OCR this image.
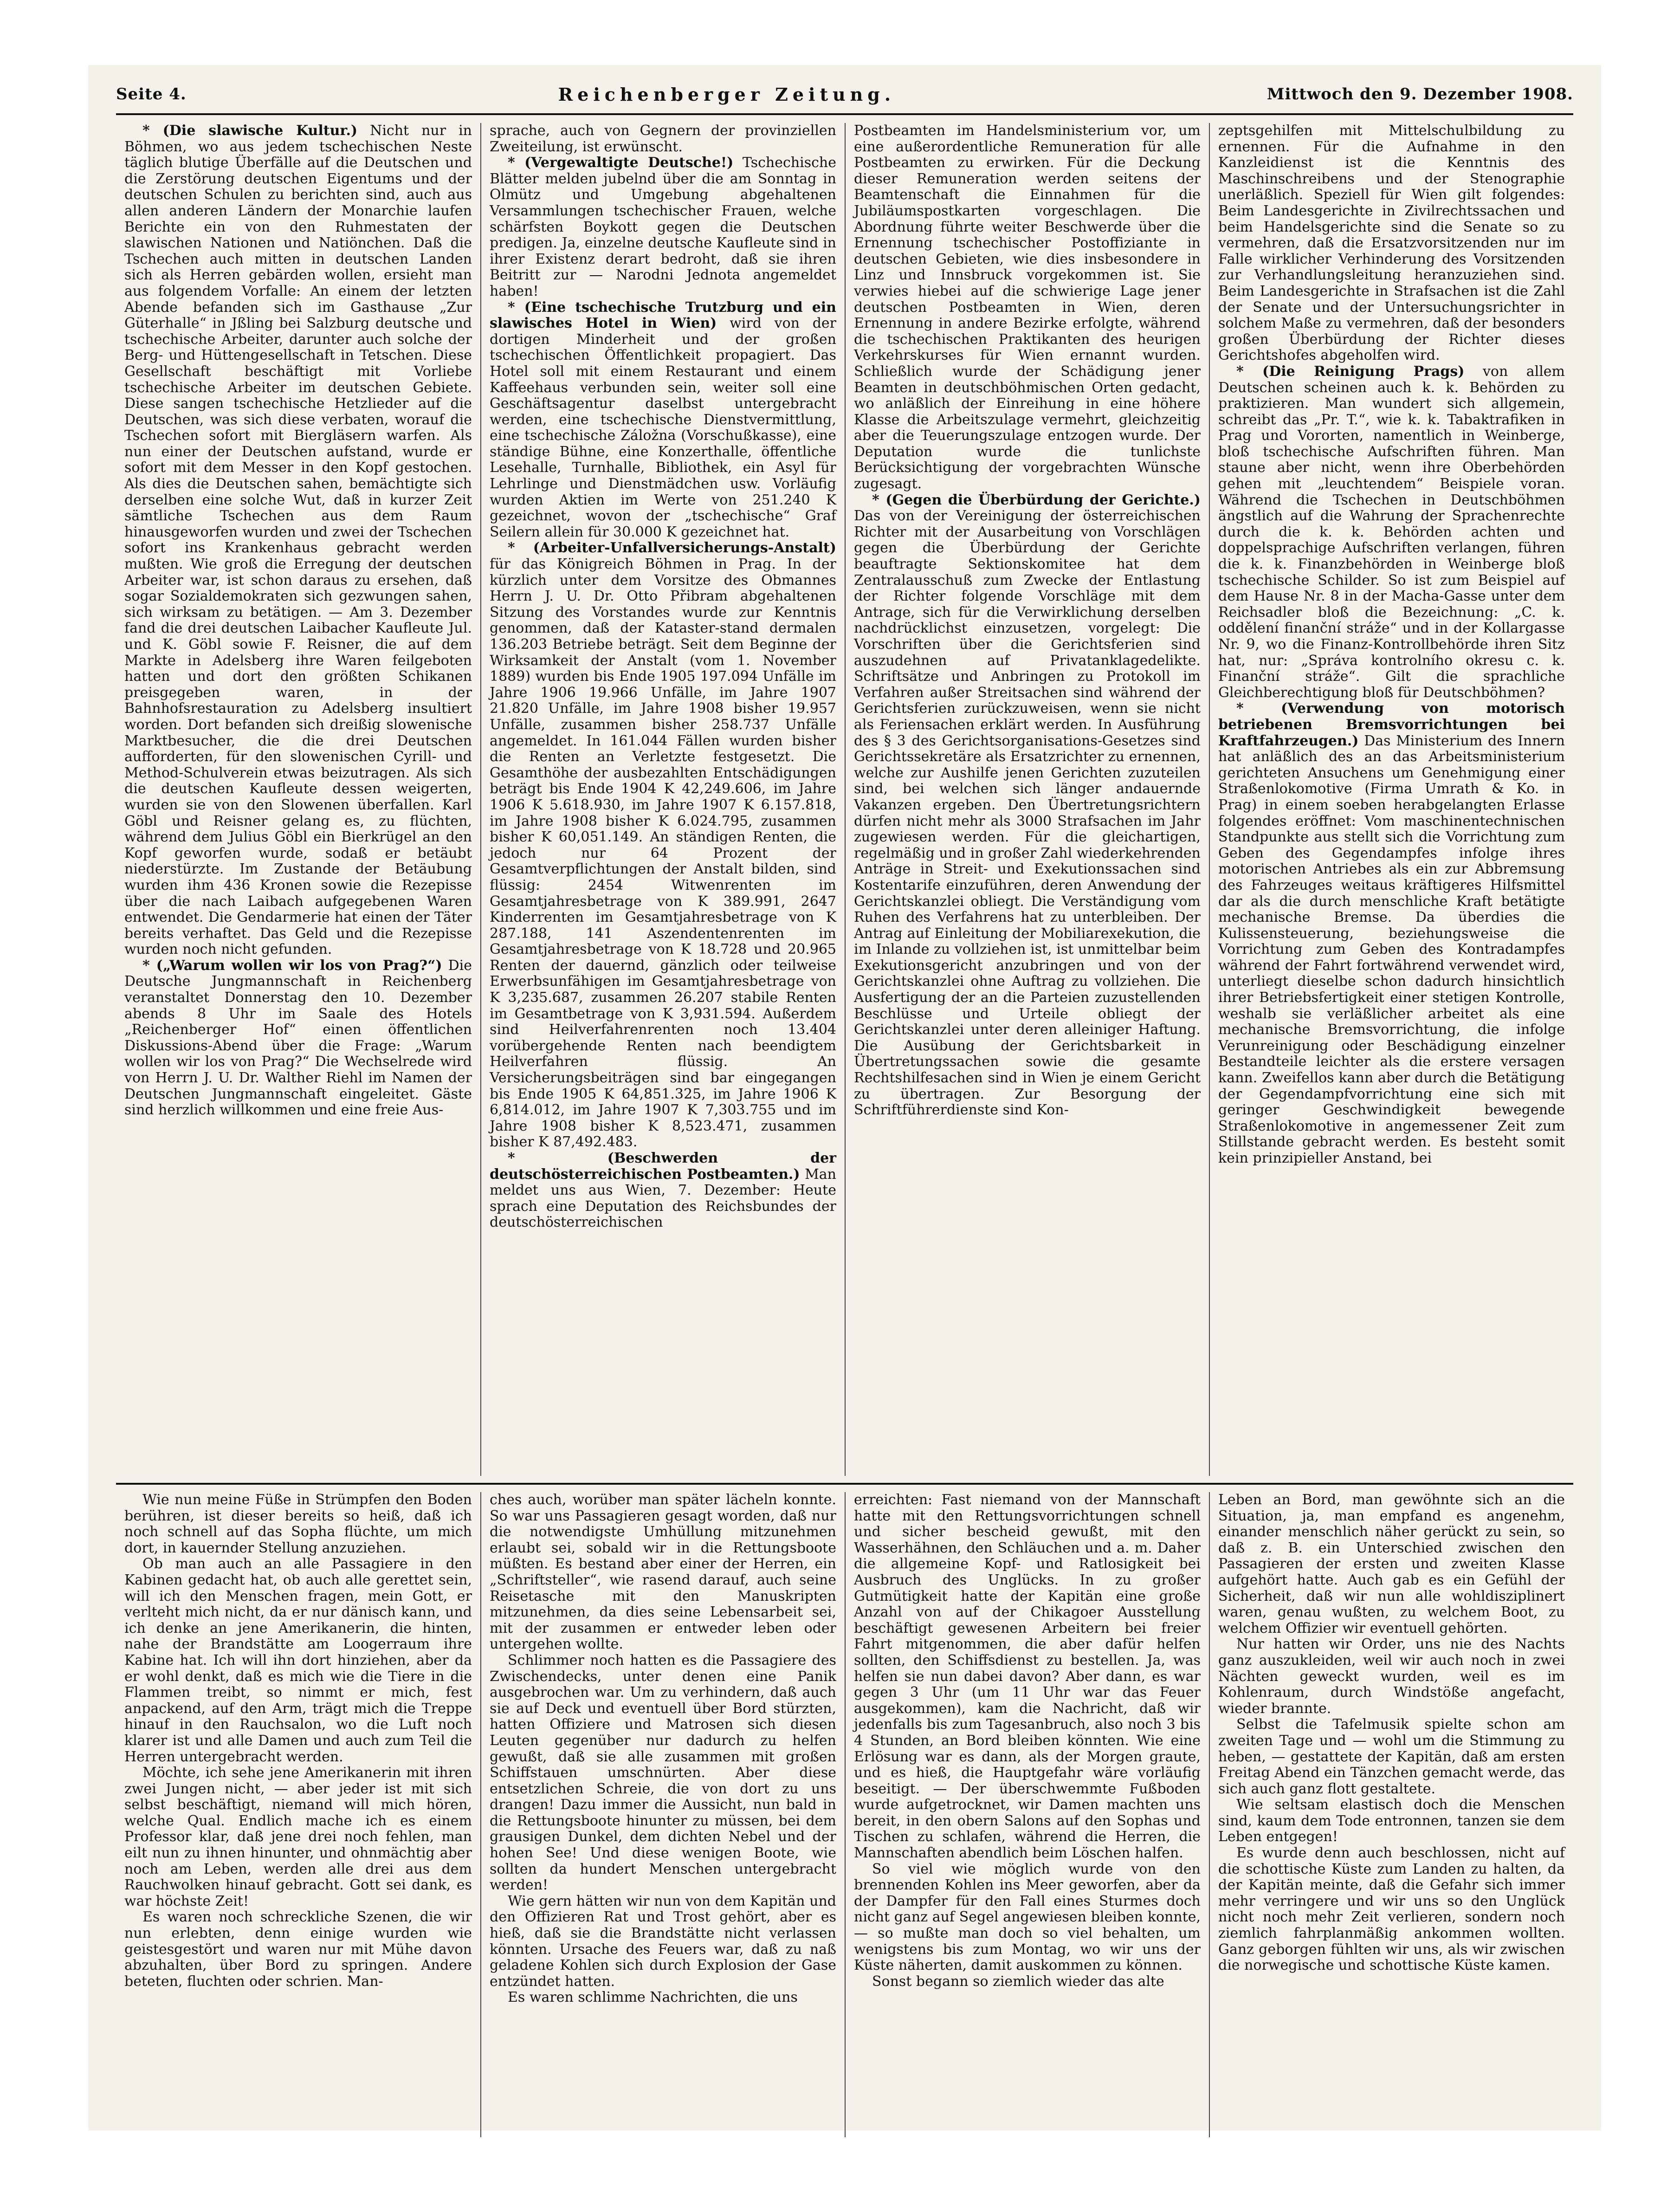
Seite 4.	Reichenberger Zeitung.	Mittwoch den 9. Dezember 1908.

* (Die slawische Kultur.) Nicht nur in Böhmen, wo aus jedem tschechischen Neste täglich blutige Überfälle auf die Deutschen und die Zerstörung deutschen Eigentums und der deutschen Schulen zu berichten sind, auch aus allen anderen Ländern der Monarchie laufen Berichte ein von den Ruhmestaten der slawischen Nationen und Natiönchen. Daß die Tschechen auch mitten in deutschen Landen sich als Herren gebärden wollen, ersieht man aus folgendem Vorfalle: An einem der letzten Abende befanden sich im Gasthause „Zur Güterhalle“ in Jßling bei Salzburg deutsche und tschechische Arbeiter, darunter auch solche der Berg- und Hüttengesellschaft in Tetschen. Diese Gesellschaft beschäftigt mit Vorliebe tschechische Arbeiter im deutschen Gebiete. Diese sangen tschechische Hetzlieder auf die Deutschen, was sich diese verbaten, worauf die Tschechen sofort mit Biergläsern warfen. Als nun einer der Deutschen aufstand, wurde er sofort mit dem Messer in den Kopf gestochen. Als dies die Deutschen sahen, bemächtigte sich derselben eine solche Wut, daß in kurzer Zeit sämtliche Tschechen aus dem Raum hinausgeworfen wurden und zwei der Tschechen sofort ins Krankenhaus gebracht werden mußten. Wie groß die Erregung der deutschen Arbeiter war, ist schon daraus zu ersehen, daß sogar Sozialdemokraten sich gezwungen sahen, sich wirksam zu betätigen. — Am 3. Dezember fand die drei deutschen Laibacher Kaufleute Jul. und K. Göbl sowie F. Reisner, die auf dem Markte in Adelsberg ihre Waren feilgeboten hatten und dort den größten Schikanen preisgegeben waren, in der Bahnhofsrestauration zu Adelsberg insultiert worden. Dort befanden sich dreißig slowenische Marktbesucher, die die drei Deutschen aufforderten, für den slowenischen Cyrill- und Method-Schulverein etwas beizutragen. Als sich die deutschen Kaufleute dessen weigerten, wurden sie von den Slowenen überfallen. Karl Göbl und Reisner gelang es, zu flüchten, während dem Julius Göbl ein Bierkrügel an den Kopf geworfen wurde, sodaß er betäubt niederstürzte. Im Zustande der Betäubung wurden ihm 436 Kronen sowie die Rezepisse über die nach Laibach aufgegebenen Waren entwendet. Die Gendarmerie hat einen der Täter bereits verhaftet. Das Geld und die Rezepisse wurden noch nicht gefunden.

* („Warum wollen wir los von Prag?“) Die Deutsche Jungmannschaft in Reichenberg veranstaltet Donnerstag den 10. Dezember abends 8 Uhr im Saale des Hotels „Reichenberger Hof“ einen öffentlichen Diskussions-Abend über die Frage: „Warum wollen wir los von Prag?“ Die Wechselrede wird von Herrn J. U. Dr. Walther Riehl im Namen der Deutschen Jungmannschaft eingeleitet. Gäste sind herzlich willkommen und eine freie Aus-

sprache, auch von Gegnern der provinziellen Zweiteilung, ist erwünscht.

* (Vergewaltigte Deutsche!) Tschechische Blätter melden jubelnd über die am Sonntag in Olmütz und Umgebung abgehaltenen Versammlungen tschechischer Frauen, welche schärfsten Boykott gegen die Deutschen predigen. Ja, einzelne deutsche Kaufleute sind in ihrer Existenz derart bedroht, daß sie ihren Beitritt zur — Narodni Jednota angemeldet haben!

* (Eine tschechische Trutzburg und ein slawisches Hotel in Wien) wird von der dortigen Minderheit und der großen tschechischen Öffentlichkeit propagiert. Das Hotel soll mit einem Restaurant und einem Kaffeehaus verbunden sein, weiter soll eine Geschäftsagentur daselbst untergebracht werden, eine tschechische Dienstvermittlung, eine tschechische Záložna (Vorschußkasse), eine ständige Bühne, eine Konzerthalle, öffentliche Lesehalle, Turnhalle, Bibliothek, ein Asyl für Lehrlinge und Dienstmädchen usw. Vorläufig wurden Aktien im Werte von 251.240 K gezeichnet, wovon der „tschechische“ Graf Seilern allein für 30.000 K gezeichnet hat.

* (Arbeiter-Unfallversicherungs-Anstalt) für das Königreich Böhmen in Prag. In der kürzlich unter dem Vorsitze des Obmannes Herrn J. U. Dr. Otto Přibram abgehaltenen Sitzung des Vorstandes wurde zur Kenntnis genommen, daß der Kataster-stand dermalen 136.203 Betriebe beträgt. Seit dem Beginne der Wirksamkeit der Anstalt (vom 1. November 1889) wurden bis Ende 1905 197.094 Unfälle im Jahre 1906 19.966 Unfälle, im Jahre 1907 21.820 Unfälle, im Jahre 1908 bisher 19.957 Unfälle, zusammen bisher 258.737 Unfälle angemeldet. In 161.044 Fällen wurden bisher die Renten an Verletzte festgesetzt. Die Gesamthöhe der ausbezahlten Entschädigungen beträgt bis Ende 1904 K 42,249.606, im Jahre 1906 K 5.618.930, im Jahre 1907 K 6.157.818, im Jahre 1908 bisher K 6.024.795, zusammen bisher K 60,051.149. An ständigen Renten, die jedoch nur 64 Prozent der Gesamtverpflichtungen der Anstalt bilden, sind flüssig: 2454 Witwenrenten im Gesamtjahresbetrage von K 389.991, 2647 Kinderrenten im Gesamtjahresbetrage von K 287.188, 141 Aszendentenrenten im Gesamtjahresbetrage von K 18.728 und 20.965 Renten der dauernd, gänzlich oder teilweise Erwerbsunfähigen im Gesamtjahresbetrage von K 3,235.687, zusammen 26.207 stabile Renten im Gesamtbetrage von K 3,931.594. Außerdem sind Heilverfahrenrenten noch 13.404 vorübergehende Renten nach beendigtem Heilverfahren flüssig. An Versicherungsbeiträgen sind bar eingegangen bis Ende 1905 K 64,851.325, im Jahre 1906 K 6,814.012, im Jahre 1907 K 7,303.755 und im Jahre 1908 bisher K 8,523.471, zusammen bisher K 87,492.483.

* (Beschwerden der deutschösterreichischen Postbeamten.) Man meldet uns aus Wien, 7. Dezember: Heute sprach eine Deputation des Reichsbundes der deutschösterreichischen

Postbeamten im Handelsministerium vor, um eine außerordentliche Remuneration für alle Postbeamten zu erwirken. Für die Deckung dieser Remuneration werden seitens der Beamtenschaft die Einnahmen für die Jubiläumspostkarten vorgeschlagen. Die Abordnung führte weiter Beschwerde über die Ernennung tschechischer Postoffiziante in deutschen Gebieten, wie dies insbesondere in Linz und Innsbruck vorgekommen ist. Sie verwies hiebei auf die schwierige Lage jener deutschen Postbeamten in Wien, deren Ernennung in andere Bezirke erfolgte, während die tschechischen Praktikanten des heurigen Verkehrskurses für Wien ernannt wurden. Schließlich wurde der Schädigung jener Beamten in deutschböhmischen Orten gedacht, wo anläßlich der Einreihung in eine höhere Klasse die Arbeitszulage vermehrt, gleichzeitig aber die Teuerungszulage entzogen wurde. Der Deputation wurde die tunlichste Berücksichtigung der vorgebrachten Wünsche zugesagt.

* (Gegen die Überbürdung der Gerichte.) Das von der Vereinigung der österreichischen Richter mit der Ausarbeitung von Vorschlägen gegen die Überbürdung der Gerichte beauftragte Sektionskomitee hat dem Zentralausschuß zum Zwecke der Entlastung der Richter folgende Vorschläge mit dem Antrage, sich für die Verwirklichung derselben nachdrücklichst einzusetzen, vorgelegt: Die Vorschriften über die Gerichtsferien sind auszudehnen auf Privatanklagedelikte. Schriftsätze und Anbringen zu Protokoll im Verfahren außer Streitsachen sind während der Gerichtsferien zurückzuweisen, wenn sie nicht als Feriensachen erklärt werden. In Ausführung des § 3 des Gerichtsorganisations-Gesetzes sind Gerichtssekretäre als Ersatzrichter zu ernennen, welche zur Aushilfe jenen Gerichten zuzuteilen sind, bei welchen sich länger andauernde Vakanzen ergeben. Den Übertretungsrichtern dürfen nicht mehr als 3000 Strafsachen im Jahr zugewiesen werden. Für die gleichartigen, regelmäßig und in großer Zahl wiederkehrenden Anträge in Streit- und Exekutionssachen sind Kostentarife einzuführen, deren Anwendung der Gerichtskanzlei obliegt. Die Verständigung vom Ruhen des Verfahrens hat zu unterbleiben. Der Antrag auf Einleitung der Mobiliarexekution, die im Inlande zu vollziehen ist, ist unmittelbar beim Exekutionsgericht anzubringen und von der Gerichtskanzlei ohne Auftrag zu vollziehen. Die Ausfertigung der an die Parteien zuzustellenden Beschlüsse und Urteile obliegt der Gerichtskanzlei unter deren alleiniger Haftung. Die Ausübung der Gerichtsbarkeit in Übertretungssachen sowie die gesamte Rechtshilfesachen sind in Wien je einem Gericht zu übertragen. Zur Besorgung der Schriftführerdienste sind Kon-

zeptsgehilfen mit Mittelschulbildung zu ernennen. Für die Aufnahme in den Kanzleidienst ist die Kenntnis des Maschinschreibens und der Stenographie unerläßlich. Speziell für Wien gilt folgendes: Beim Landesgerichte in Zivilrechtssachen und beim Handelsgerichte sind die Senate so zu vermehren, daß die Ersatzvorsitzenden nur im Falle wirklicher Verhinderung des Vorsitzenden zur Verhandlungsleitung heranzuziehen sind. Beim Landesgerichte in Strafsachen ist die Zahl der Senate und der Untersuchungsrichter in solchem Maße zu vermehren, daß der besonders großen Überbürdung der Richter dieses Gerichtshofes abgeholfen wird.

* (Die Reinigung Prags) von allem Deutschen scheinen auch k. k. Behörden zu praktizieren. Man wundert sich allgemein, schreibt das „Pr. T.“, wie k. k. Tabaktrafiken in Prag und Vororten, namentlich in Weinberge, bloß tschechische Aufschriften führen. Man staune aber nicht, wenn ihre Oberbehörden gehen mit „leuchtendem“ Beispiele voran. Während die Tschechen in Deutschböhmen ängstlich auf die Wahrung der Sprachenrechte durch die k. k. Behörden achten und doppelsprachige Aufschriften verlangen, führen die k. k. Finanzbehörden in Weinberge bloß tschechische Schilder. So ist zum Beispiel auf dem Hause Nr. 8 in der Macha-Gasse unter dem Reichsadler bloß die Bezeichnung: „C. k. oddělení finanční stráže“ und in der Kollargasse Nr. 9, wo die Finanz-Kontrollbehörde ihren Sitz hat, nur: „Správa kontrolního okresu c. k. Finanční stráže“. Gilt die sprachliche Gleichberechtigung bloß für Deutschböhmen?

* (Verwendung von motorisch betriebenen Bremsvorrichtungen bei Kraftfahrzeugen.) Das Ministerium des Innern hat anläßlich des an das Arbeitsministerium gerichteten Ansuchens um Genehmigung einer Straßenlokomotive (Firma Umrath & Ko. in Prag) in einem soeben herabgelangten Erlasse folgendes eröffnet: Vom maschinentechnischen Standpunkte aus stellt sich die Vorrichtung zum Geben des Gegendampfes infolge ihres motorischen Antriebes als ein zur Abbremsung des Fahrzeuges weitaus kräftigeres Hilfsmittel dar als die durch menschliche Kraft betätigte mechanische Bremse. Da überdies die Kulissensteuerung, beziehungsweise die Vorrichtung zum Geben des Kontradampfes während der Fahrt fortwährend verwendet wird, unterliegt dieselbe schon dadurch hinsichtlich ihrer Betriebsfertigkeit einer stetigen Kontrolle, weshalb sie verläßlicher arbeitet als eine mechanische Bremsvorrichtung, die infolge Verunreinigung oder Beschädigung einzelner Bestandteile leichter als die erstere versagen kann. Zweifellos kann aber durch die Betätigung der Gegendampfvorrichtung eine sich mit geringer Geschwindigkeit bewegende Straßenlokomotive in angemessener Zeit zum Stillstande gebracht werden. Es besteht somit kein prinzipieller Anstand, bei

Wie nun meine Füße in Strümpfen den Boden berühren, ist dieser bereits so heiß, daß ich noch schnell auf das Sopha flüchte, um mich dort, in kauernder Stellung anzuziehen.

Ob man auch an alle Passagiere in den Kabinen gedacht hat, ob auch alle gerettet sein, will ich den Menschen fragen, mein Gott, er verlteht mich nicht, da er nur dänisch kann, und ich denke an jene Amerikanerin, die hinten, nahe der Brandstätte am Loogerraum ihre Kabine hat. Ich will ihn dort hinziehen, aber da er wohl denkt, daß es mich wie die Tiere in die Flammen treibt, so nimmt er mich, fest anpackend, auf den Arm, trägt mich die Treppe hinauf in den Rauchsalon, wo die Luft noch klarer ist und alle Damen und auch zum Teil die Herren untergebracht werden.

Möchte, ich sehe jene Amerikanerin mit ihren zwei Jungen nicht, — aber jeder ist mit sich selbst beschäftigt, niemand will mich hören, welche Qual. Endlich mache ich es einem Professor klar, daß jene drei noch fehlen, man eilt nun zu ihnen hinunter, und ohnmächtig aber noch am Leben, werden alle drei aus dem Rauchwolken hinauf gebracht. Gott sei dank, es war höchste Zeit!

Es waren noch schreckliche Szenen, die wir nun erlebten, denn einige wurden wie geistesgestört und waren nur mit Mühe davon abzuhalten, über Bord zu springen. Andere beteten, fluchten oder schrien. Man-

ches auch, worüber man später lächeln konnte. So war uns Passagieren gesagt worden, daß nur die notwendigste Umhüllung mitzunehmen erlaubt sei, sobald wir in die Rettungsboote müßten. Es bestand aber einer der Herren, ein „Schriftsteller“, wie rasend darauf, auch seine Reisetasche mit den Manuskripten mitzunehmen, da dies seine Lebensarbeit sei, mit der zusammen er entweder leben oder untergehen wollte.

Schlimmer noch hatten es die Passagiere des Zwischendecks, unter denen eine Panik ausgebrochen war. Um zu verhindern, daß auch sie auf Deck und eventuell über Bord stürzten, hatten Offiziere und Matrosen sich diesen Leuten gegenüber nur dadurch zu helfen gewußt, daß sie alle zusammen mit großen Schiffstauen umschnürten. Aber diese entsetzlichen Schreie, die von dort zu uns drangen! Dazu immer die Aussicht, nun bald in die Rettungsboote hinunter zu müssen, bei dem grausigen Dunkel, dem dichten Nebel und der hohen See! Und diese wenigen Boote, wie sollten da hundert Menschen untergebracht werden!

Wie gern hätten wir nun von dem Kapitän und den Offizieren Rat und Trost gehört, aber es hieß, daß sie die Brandstätte nicht verlassen könnten. Ursache des Feuers war, daß zu naß geladene Kohlen sich durch Explosion der Gase entzündet hatten.

Es waren schlimme Nachrichten, die uns

erreichten: Fast niemand von der Mannschaft hatte mit den Rettungsvorrichtungen schnell und sicher bescheid gewußt, mit den Wasserhähnen, den Schläuchen und a. m. Daher die allgemeine Kopf- und Ratlosigkeit bei Ausbruch des Unglücks. In zu großer Gutmütigkeit hatte der Kapitän eine große Anzahl von auf der Chikagoer Ausstellung beschäftigt gewesenen Arbeitern bei freier Fahrt mitgenommen, die aber dafür helfen sollten, den Schiffsdienst zu bestellen. Ja, was helfen sie nun dabei davon? Aber dann, es war gegen 3 Uhr (um 11 Uhr war das Feuer ausgekommen), kam die Nachricht, daß wir jedenfalls bis zum Tagesanbruch, also noch 3 bis 4 Stunden, an Bord bleiben könnten. Wie eine Erlösung war es dann, als der Morgen graute, und es hieß, die Hauptgefahr wäre vorläufig beseitigt. — Der überschwemmte Fußboden wurde aufgetrocknet, wir Damen machten uns bereit, in den obern Salons auf den Sophas und Tischen zu schlafen, während die Herren, die Mannschaften abendlich beim Löschen halfen.

So viel wie möglich wurde von den brennenden Kohlen ins Meer geworfen, aber da der Dampfer für den Fall eines Sturmes doch nicht ganz auf Segel angewiesen bleiben konnte, — so mußte man doch so viel behalten, um wenigstens bis zum Montag, wo wir uns der Küste näherten, damit auskommen zu können.

Sonst begann so ziemlich wieder das alte

Leben an Bord, man gewöhnte sich an die Situation, ja, man empfand es angenehm, einander menschlich näher gerückt zu sein, so daß z. B. ein Unterschied zwischen den Passagieren der ersten und zweiten Klasse aufgehört hatte. Auch gab es ein Gefühl der Sicherheit, daß wir nun alle wohldisziplinert waren, genau wußten, zu welchem Boot, zu welchem Offizier wir eventuell gehörten.

Nur hatten wir Order, uns nie des Nachts ganz auszukleiden, weil wir auch noch in zwei Nächten geweckt wurden, weil es im Kohlenraum, durch Windstöße angefacht, wieder brannte.

Selbst die Tafelmusik spielte schon am zweiten Tage und — wohl um die Stimmung zu heben, — gestattete der Kapitän, daß am ersten Freitag Abend ein Tänzchen gemacht werde, das sich auch ganz flott gestaltete.

Wie seltsam elastisch doch die Menschen sind, kaum dem Tode entronnen, tanzen sie dem Leben entgegen!

Es wurde denn auch beschlossen, nicht auf die schottische Küste zum Landen zu halten, da der Kapitän meinte, daß die Gefahr sich immer mehr verringere und wir uns so den Unglück nicht noch mehr Zeit verlieren, sondern noch ziemlich fahrplanmäßig ankommen wollten. Ganz geborgen fühlten wir uns, als wir zwischen die norwegische und schottische Küste kamen.
